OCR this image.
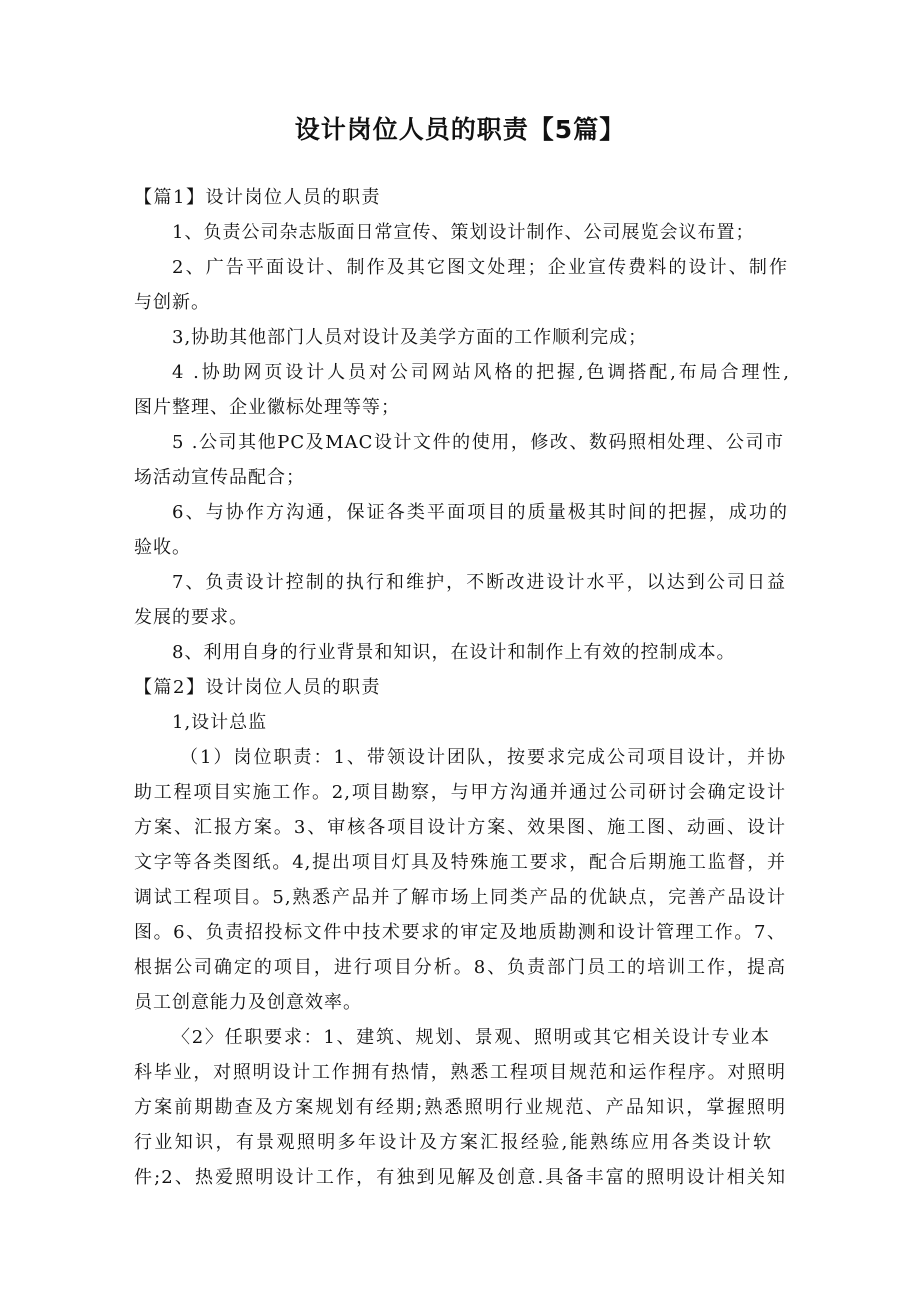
设计岗位人员的职责【5篇】
【篇1】设计岗位人员的职责
1、负责公司杂志版面日常宣传、策划设计制作、公司展览会议布置；
2、广告平面设计、制作及其它图文处理；企业宣传费料的设计、制作
与创新。
3,协助其他部门人员对设计及美学方面的工作顺利完成；
4 .协助网页设计人员对公司网站风格的把握,色调搭配,布局合理性,
图片整理、企业徽标处理等等；
5 .公司其他PC及MAC设计文件的使用，修改、数码照相处理、公司市
场活动宣传品配合；
6、与协作方沟通，保证各类平面项目的质量极其时间的把握，成功的
验收。
7、负责设计控制的执行和维护，不断改进设计水平，以达到公司日益
发展的要求。
8、利用自身的行业背景和知识，在设计和制作上有效的控制成本。
【篇2】设计岗位人员的职责
1,设计总监
（1）岗位职责：1、带领设计团队，按要求完成公司项目设计，并协
助工程项目实施工作。2,项目勘察，与甲方沟通并通过公司研讨会确定设计
方案、汇报方案。3、审核各项目设计方案、效果图、施工图、动画、设计
文字等各类图纸。4,提出项目灯具及特殊施工要求，配合后期施工监督，并
调试工程项目。5,熟悉产品并了解市场上同类产品的优缺点，完善产品设计
图。6、负责招投标文件中技术要求的审定及地质勘测和设计管理工作。7、
根据公司确定的项目，进行项目分析。8、负责部门员工的培训工作，提高
员工创意能力及创意效率。
〈2〉任职要求：1、建筑、规划、景观、照明或其它相关设计专业本
科毕业，对照明设计工作拥有热情，熟悉工程项目规范和运作程序。对照明
方案前期勘查及方案规划有经期;熟悉照明行业规范、产品知识，掌握照明
行业知识，有景观照明多年设计及方案汇报经验,能熟练应用各类设计软
件;2、热爱照明设计工作，有独到见解及创意.具备丰富的照明设计相关知
